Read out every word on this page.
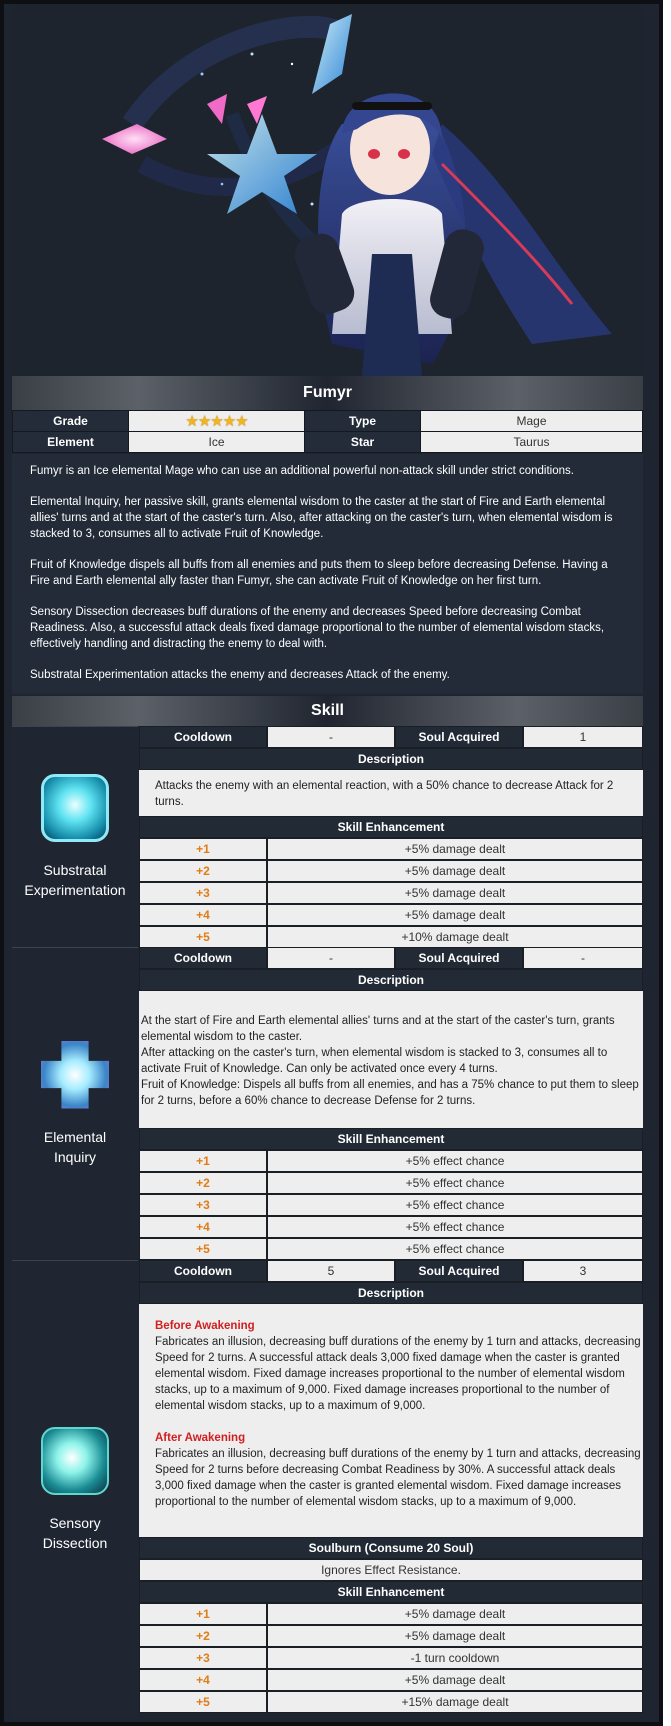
Fumyr
Grade	★★★★★	Type	Mage
Element	Ice	Star	Taurus

Fumyr is an Ice elemental Mage who can use an additional powerful non-attack skill under strict conditions.

Elemental Inquiry, her passive skill, grants elemental wisdom to the caster at the start of Fire and Earth elemental allies' turns and at the start of the caster's turn. Also, after attacking on the caster's turn, when elemental wisdom is stacked to 3, consumes all to activate Fruit of Knowledge.

Fruit of Knowledge dispels all buffs from all enemies and puts them to sleep before decreasing Defense. Having a Fire and Earth elemental ally faster than Fumyr, she can activate Fruit of Knowledge on her first turn.

Sensory Dissection decreases buff durations of the enemy and decreases Speed before decreasing Combat Readiness. Also, a successful attack deals fixed damage proportional to the number of elemental wisdom stacks, effectively handling and distracting the enemy to deal with.

Substratal Experimentation attacks the enemy and decreases Attack of the enemy.

Skill
Substratal
Experimentation
Cooldown	-	Soul Acquired	1
Description
Attacks the enemy with an elemental reaction, with a 50% chance to decrease Attack for 2 turns.
Skill Enhancement
+1	+5% damage dealt
+2	+5% damage dealt
+3	+5% damage dealt
+4	+5% damage dealt
+5	+10% damage dealt
Elemental
Inquiry
Cooldown	-	Soul Acquired	-
Description
At the start of Fire and Earth elemental allies' turns and at the start of the caster's turn, grants elemental wisdom to the caster.
After attacking on the caster's turn, when elemental wisdom is stacked to 3, consumes all to activate Fruit of Knowledge. Can only be activated once every 4 turns.
Fruit of Knowledge: Dispels all buffs from all enemies, and has a 75% chance to put them to sleep for 2 turns, before a 60% chance to decrease Defense for 2 turns.
Skill Enhancement
+1	+5% effect chance
+2	+5% effect chance
+3	+5% effect chance
+4	+5% effect chance
+5	+5% effect chance
Sensory
Dissection
Cooldown	5	Soul Acquired	3
Description
Before Awakening
Fabricates an illusion, decreasing buff durations of the enemy by 1 turn and attacks, decreasing Speed for 2 turns. A successful attack deals 3,000 fixed damage when the caster is granted elemental wisdom. Fixed damage increases proportional to the number of elemental wisdom stacks, up to a maximum of 9,000. Fixed damage increases proportional to the number of elemental wisdom stacks, up to a maximum of 9,000.
After Awakening
Fabricates an illusion, decreasing buff durations of the enemy by 1 turn and attacks, decreasing Speed for 2 turns before decreasing Combat Readiness by 30%. A successful attack deals 3,000 fixed damage when the caster is granted elemental wisdom. Fixed damage increases proportional to the number of elemental wisdom stacks, up to a maximum of 9,000.
Soulburn (Consume 20 Soul)
Ignores Effect Resistance.
Skill Enhancement
+1	+5% damage dealt
+2	+5% damage dealt
+3	-1 turn cooldown
+4	+5% damage dealt
+5	+15% damage dealt
